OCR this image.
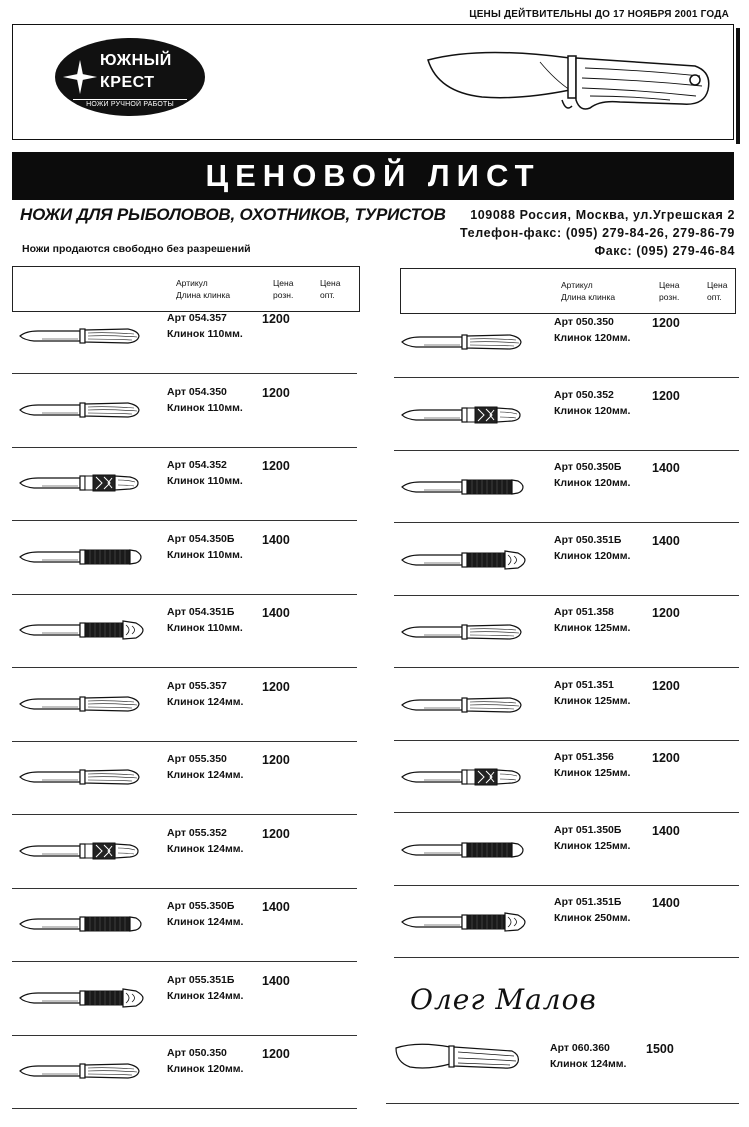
ЦЕНЫ ДЕЙТВИТЕЛЬНЫ ДО 17 НОЯБРЯ 2001 ГОДА
ЮЖНЫЙ
КРЕСТ
НОЖИ РУЧНОЙ РАБОТЫ
ЦЕНОВОЙ ЛИСТ
НОЖИ ДЛЯ РЫБОЛОВОВ, ОХОТНИКОВ, ТУРИСТОВ
Ножи продаются свободно без разрешений
109088 Россия, Москва, ул.Угрешская 2
Телефон-факс: (095) 279-84-26, 279-86-79
Факс: (095) 279-46-84
Артикул
Длина клинка
Цена
розн.
Цена
опт.
Артикул
Длина клинка
Цена
розн.
Цена
опт.
Арт 054.357
Клинок 110мм.
1200
Арт 054.350
Клинок 110мм.
1200
Арт 054.352
Клинок 110мм.
1200
Арт 054.350Б
Клинок 110мм.
1400
Арт 054.351Б
Клинок 110мм.
1400
Арт 055.357
Клинок 124мм.
1200
Арт 055.350
Клинок 124мм.
1200
Арт 055.352
Клинок 124мм.
1200
Арт 055.350Б
Клинок 124мм.
1400
Арт 055.351Б
Клинок 124мм.
1400
Арт 050.350
Клинок 120мм.
1200
Арт 050.350
Клинок 120мм.
1200
Арт 050.352
Клинок 120мм.
1200
Арт 050.350Б
Клинок 120мм.
1400
Арт 050.351Б
Клинок 120мм.
1400
Арт 051.358
Клинок 125мм.
1200
Арт 051.351
Клинок 125мм.
1200
Арт 051.356
Клинок 125мм.
1200
Арт 051.350Б
Клинок 125мм.
1400
Арт 051.351Б
Клинок 250мм.
1400
Олег Малов
Арт 060.360
Клинок 124мм.
1500
